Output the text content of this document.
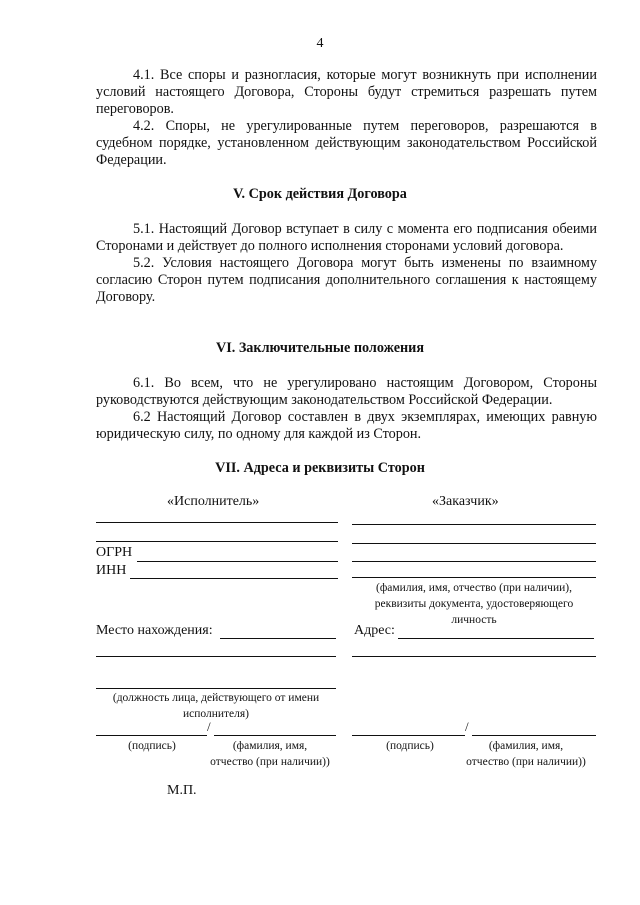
4

4.1. Все споры и разногласия, которые могут возникнуть при исполнении условий настоящего Договора, Стороны будут стремиться разрешать путем переговоров.

4.2. Споры, не урегулированные путем переговоров, разрешаются в судебном порядке, установленном действующим законодательством Российской Федерации.

V. Срок действия Договора

5.1. Настоящий Договор вступает в силу с момента его подписания обеими Сторонами и действует до полного исполнения сторонами условий договора.

5.2. Условия настоящего Договора могут быть изменены по взаимному согласию Сторон путем подписания дополнительного соглашения к настоящему Договору.

VI. Заключительные положения

6.1. Во всем, что не урегулировано настоящим Договором, Стороны руководствуются действующим законодательством Российской Федерации.

6.2 Настоящий Договор составлен в двух экземплярах, имеющих равную юридическую силу, по одному для каждой из Сторон.

VII. Адреса и реквизиты Сторон
«Исполнитель»	«Заказчик»
ОГРН
ИНН
(фамилия, имя, отчество (при наличии), реквизиты документа, удостоверяющего личность
Место нахождения:	Адрес:
(должность лица, действующего от имени исполнителя)
/
(подпись)	(фамилия, имя,
отчество (при наличии))
/
(подпись)	(фамилия, имя,
отчество (при наличии))
М.П.
